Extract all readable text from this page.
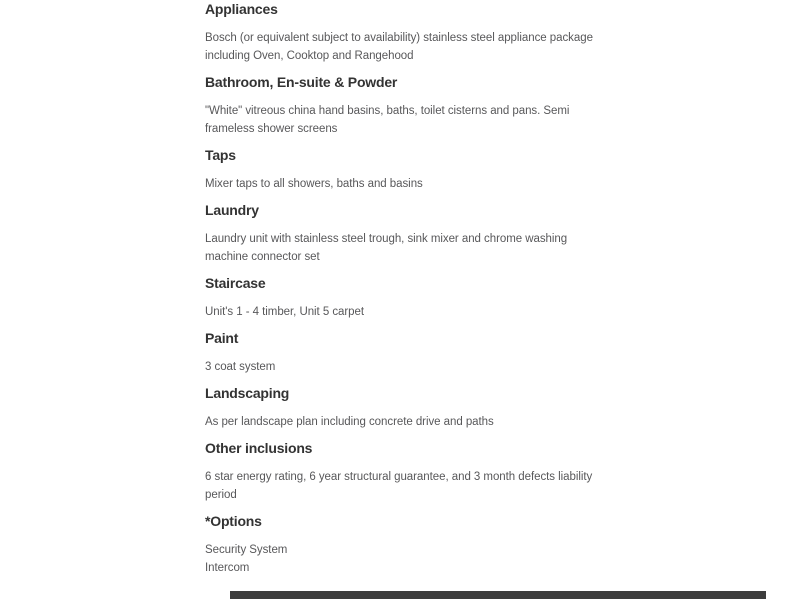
Appliances

Bosch (or equivalent subject to availability) stainless steel appliance package including Oven, Cooktop and Rangehood

Bathroom, En-suite & Powder

"White" vitreous china hand basins, baths, toilet cisterns and pans. Semi frameless shower screens

Taps

Mixer taps to all showers, baths and basins

Laundry

Laundry unit with stainless steel trough, sink mixer and chrome washing machine connector set

Staircase

Unit's 1 - 4 timber, Unit 5 carpet

Paint

3 coat system

Landscaping

As per landscape plan including concrete drive and paths

Other inclusions

6 star energy rating, 6 year structural guarantee, and 3 month defects liability period

*Options

Security System

Intercom
